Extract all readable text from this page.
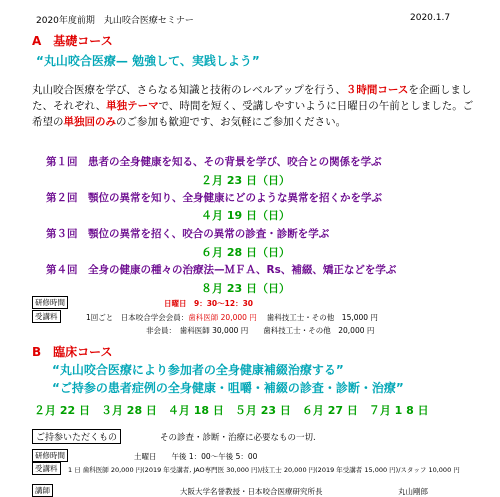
2020年度前期　丸山咬合医療セミナー	2020.1.7
A　基礎コース
“丸山咬合医療— 勉強して、実践しよう”
丸山咬合医療を学び、さらなる知識と技術のレベルアップを行う、３時間コースを企画しました、それぞれ、単独テーマで、時間を短く、受講しやすいように日曜日の午前としました。ご希望の単独回のみのご参加も歓迎です、お気軽にご参加ください。
第１回　患者の全身健康を知る、その背景を学び、咬合との関係を学ぶ
２月 23 日（日）
第２回　顎位の異常を知り、全身健康にどのような異常を招くかを学ぶ
４月 19 日（日）
第３回　顎位の異常を招く、咬合の異常の診査・診断を学ぶ
６月 28 日（日）
第４回　全身の健康の種々の治療法—ＭＦＡ、Rs、補綴、矯正などを学ぶ
８月 23 日（日）
研修時間	日曜日　9：30～12：30
受講料	1回ごと　日本咬合学会会員：歯科医師 20,000 円 歯科技工士・その他　15,000 円
非会員：　歯科医師 30,000 円　　歯科技工士・その他　20,000 円
B　臨床コース
“丸山咬合医療により参加者の全身健康補綴治療する”
“ご持参の患者症例の全身健康・咀嚼・補綴の診査・診断・治療”
２月 22 日　３月 28 日　４月 18 日　５月 23 日　６月 27 日　７月 1 8 日
ご持参いただくもの	その診査・診断・治療に必要なもの一切.
研修時間	土曜日　　午後 1：00～午後 5：00
受講料	1 日 歯科医師 20,000 円(2019 年受講者, JAO専門医 30,000 円)/技工士 20,000 円(2019 年受講者 15,000 円)/スタッフ 10,000 円
講師	大阪大学名誉教授・日本咬合医療研究所長	丸山剛郎
